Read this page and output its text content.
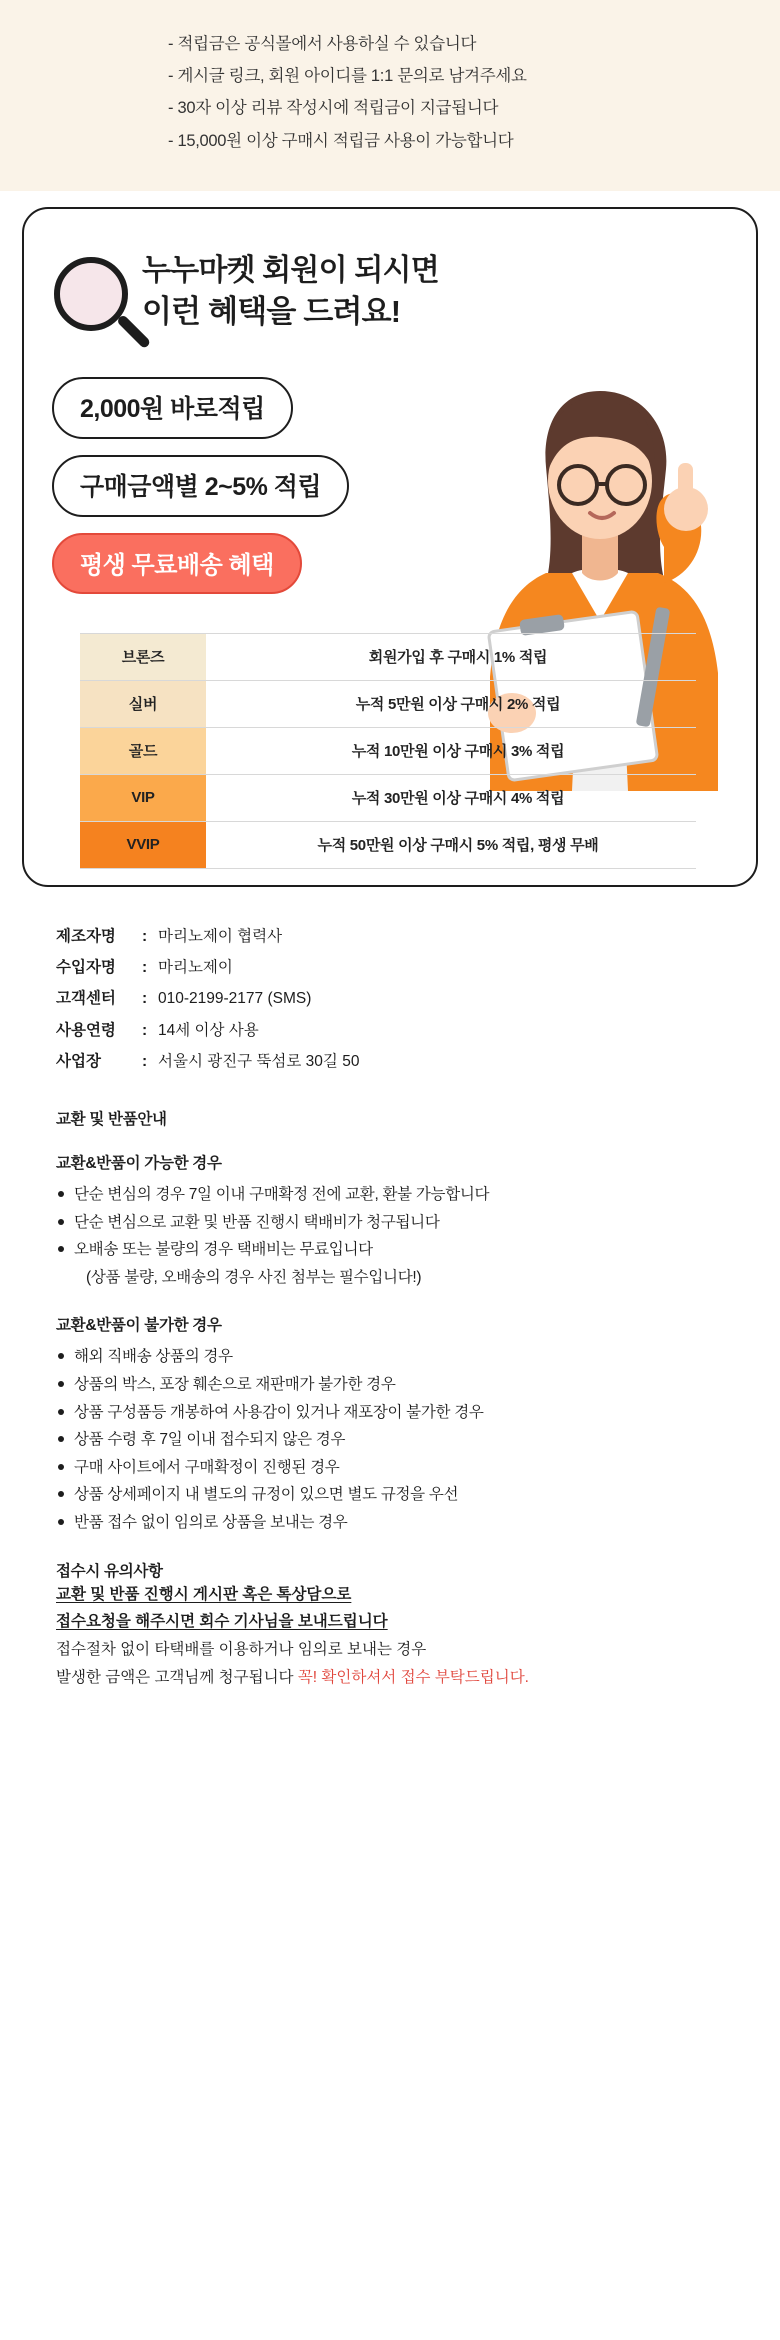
- 적립금은 공식몰에서 사용하실 수 있습니다
- 게시글 링크, 회원 아이디를 1:1 문의로 남겨주세요
- 30자 이상 리뷰 작성시에 적립금이 지급됩니다
- 15,000원 이상 구매시 적립금 사용이 가능합니다
누누마켓 회원이 되시면
이런 혜택을 드려요!
2,000원 바로적립
구매금액별 2~5% 적립
평생 무료배송 혜택
브론즈	회원가입 후 구매시 1% 적립
실버	누적 5만원 이상 구매시 2% 적립
골드	누적 10만원 이상 구매시 3% 적립
VIP	누적 30만원 이상 구매시 4% 적립
VVIP	누적 50만원 이상 구매시 5% 적립, 평생 무배
제조자명 : 마리노제이 협력사
수입자명 : 마리노제이
고객센터 : 010-2199-2177 (SMS)
사용연령 : 14세 이상 사용
사업장	: 서울시 광진구 뚝섬로 30길 50
교환 및 반품안내
교환&반품이 가능한 경우
단순 변심의 경우 7일 이내 구매확정 전에 교환, 환불 가능합니다
단순 변심으로 교환 및 반품 진행시 택배비가 청구됩니다
오배송 또는 불량의 경우 택배비는 무료입니다
(상품 불량, 오배송의 경우 사진 첨부는 필수입니다!)
교환&반품이 불가한 경우
해외 직배송 상품의 경우
상품의 박스, 포장 훼손으로 재판매가 불가한 경우
상품 구성품등 개봉하여 사용감이 있거나 재포장이 불가한 경우
상품 수령 후 7일 이내 접수되지 않은 경우
구매 사이트에서 구매확정이 진행된 경우
상품 상세페이지 내 별도의 규정이 있으면 별도 규정을 우선
반품 접수 없이 임의로 상품을 보내는 경우
접수시 유의사항
교환 및 반품 진행시 게시판 혹은 톡상담으로
접수요청을 해주시면 회수 기사님을 보내드립니다
접수절차 없이 타택배를 이용하거나 임의로 보내는 경우
발생한 금액은 고객님께 청구됩니다 꼭! 확인하셔서 접수 부탁드립니다.
